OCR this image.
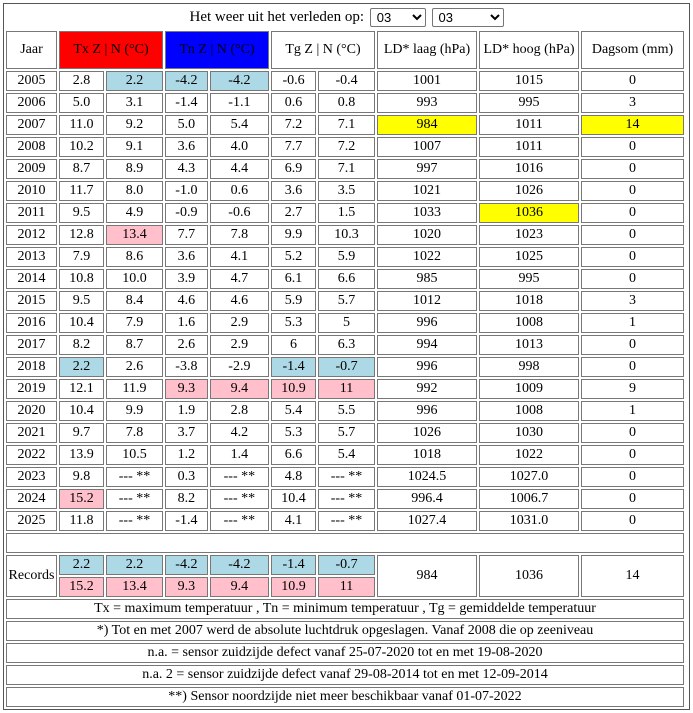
Het weer uit het verleden op:
03
03
Jaar	Tx Z | N (°C)		Tn Z | N (°C)		Tg Z | N (°C)		LD* laag (hPa)	LD* hoog (hPa)	Dagsom (mm)
2005	2.8	2.2	-4.2	-4.2	-0.6	-0.4	1001	1015	0
2006	5.0	3.1	-1.4	-1.1	0.6	0.8	993	995	3
2007	11.0	9.2	5.0	5.4	7.2	7.1	984	1011	14
2008	10.2	9.1	3.6	4.0	7.7	7.2	1007	1011	0
2009	8.7	8.9	4.3	4.4	6.9	7.1	997	1016	0
2010	11.7	8.0	-1.0	0.6	3.6	3.5	1021	1026	0
2011	9.5	4.9	-0.9	-0.6	2.7	1.5	1033	1036	0
2012	12.8	13.4	7.7	7.8	9.9	10.3	1020	1023	0
2013	7.9	8.6	3.6	4.1	5.2	5.9	1022	1025	0
2014	10.8	10.0	3.9	4.7	6.1	6.6	985	995	0
2015	9.5	8.4	4.6	4.6	5.9	5.7	1012	1018	3
2016	10.4	7.9	1.6	2.9	5.3	5	996	1008	1
2017	8.2	8.7	2.6	2.9	6	6.3	994	1013	0
2018	2.2	2.6	-3.8	-2.9	-1.4	-0.7	996	998	0
2019	12.1	11.9	9.3	9.4	10.9	11	992	1009	9
2020	10.4	9.9	1.9	2.8	5.4	5.5	996	1008	1
2021	9.7	7.8	3.7	4.2	5.3	5.7	1026	1030	0
2022	13.9	10.5	1.2	1.4	6.6	5.4	1018	1022	0
2023	9.8	--- **	0.3	--- **	4.8	--- **	1024.5	1027.0	0
2024	15.2	--- **	8.2	--- **	10.4	--- **	996.4	1006.7	0
2025	11.8	--- **	-1.4	--- **	4.1	--- **	1027.4	1031.0	0

Records	2.2	2.2	-4.2	-4.2	-1.4	-0.7	984	1036	14
	15.2	13.4	9.3	9.4	10.9	11			
Tx = maximum temperatuur , Tn = minimum temperatuur , Tg = gemiddelde temperatuur									
*) Tot en met 2007 werd de absolute luchtdruk opgeslagen. Vanaf 2008 die op zeeniveau									
n.a. = sensor zuidzijde defect vanaf 25-07-2020 tot en met 19-08-2020									
n.a. 2 = sensor zuidzijde defect vanaf 29-08-2014 tot en met 12-09-2014									
**) Sensor noordzijde niet meer beschikbaar vanaf 01-07-2022									
